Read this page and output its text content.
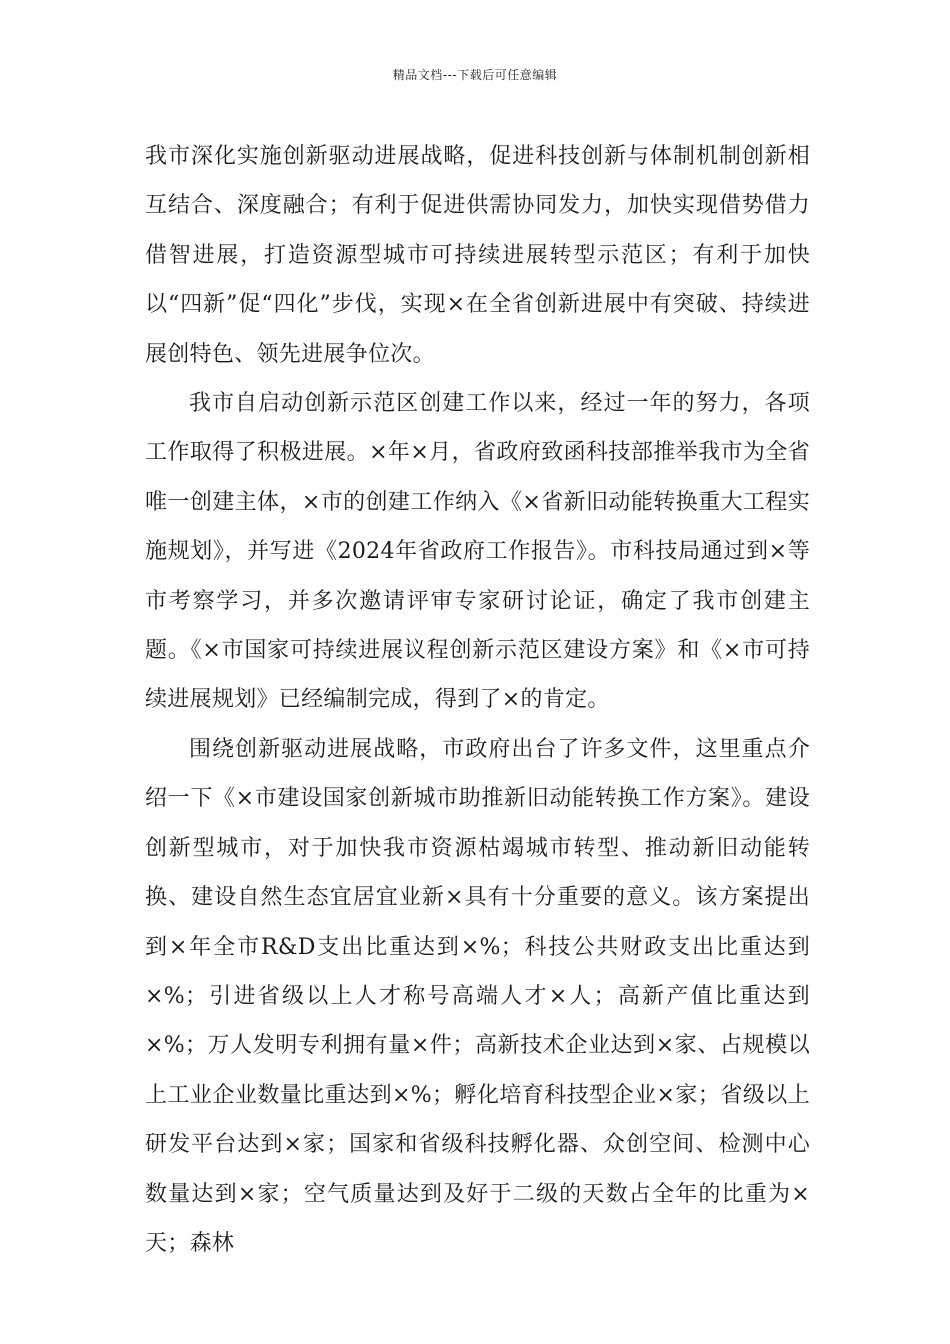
精品文档---下载后可任意编辑

我市深化实施创新驱动进展战略，促进科技创新与体制机制创新相互结合、深度融合；有利于促进供需协同发力，加快实现借势借力借智进展，打造资源型城市可持续进展转型示范区；有利于加快以“四新”促“四化”步伐，实现×在全省创新进展中有突破、持续进展创特色、领先进展争位次。

我市自启动创新示范区创建工作以来，经过一年的努力，各项工作取得了积极进展。×年×月，省政府致函科技部推举我市为全省唯一创建主体，×市的创建工作纳入《×省新旧动能转换重大工程实施规划》，并写进《2024年省政府工作报告》。市科技局通过到×等市考察学习，并多次邀请评审专家研讨论证，确定了我市创建主题。《×市国家可持续进展议程创新示范区建设方案》和《×市可持续进展规划》已经编制完成，得到了×的肯定。

围绕创新驱动进展战略，市政府出台了许多文件，这里重点介绍一下《×市建设国家创新城市助推新旧动能转换工作方案》。建设创新型城市，对于加快我市资源枯竭城市转型、推动新旧动能转换、建设自然生态宜居宜业新×具有十分重要的意义。该方案提出到×年全市R&D支出比重达到×%；科技公共财政支出比重达到×%；引进省级以上人才称号高端人才×人；高新产值比重达到×%；万人发明专利拥有量×件；高新技术企业达到×家、占规模以上工业企业数量比重达到×%；孵化培育科技型企业×家；省级以上研发平台达到×家；国家和省级科技孵化器、众创空间、检测中心数量达到×家；空气质量达到及好于二级的天数占全年的比重为×天；森林
